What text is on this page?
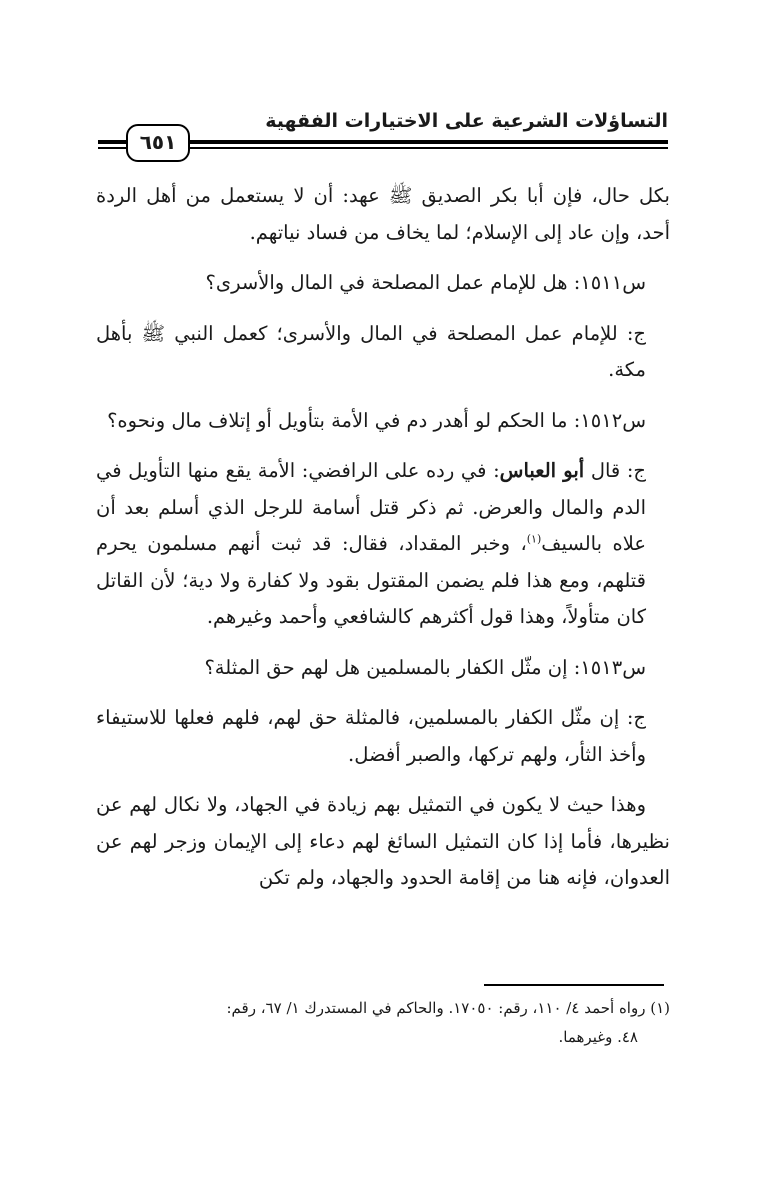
التساؤلات الشرعية على الاختيارات الفقهية
٦٥١

بكل حال، فإن أبا بكر الصديق ﷺ عهد: أن لا يستعمل من أهل الردة أحد، وإن عاد إلى الإسلام؛ لما يخاف من فساد نياتهم.

س١٥١١: هل للإمام عمل المصلحة في المال والأسرى؟

ج: للإمام عمل المصلحة في المال والأسرى؛ كعمل النبي ﷺ بأهل مكة.

س١٥١٢: ما الحكم لو أهدر دم في الأمة بتأويل أو إتلاف مال ونحوه؟

ج: قال أبو العباس: في رده على الرافضي: الأمة يقع منها التأويل في الدم والمال والعرض. ثم ذكر قتل أسامة للرجل الذي أسلم بعد أن علاه بالسيف$^{(١)}$، وخبر المقداد، فقال: قد ثبت أنهم مسلمون يحرم قتلهم، ومع هذا فلم يضمن المقتول بقود ولا كفارة ولا دية؛ لأن القاتل كان متأولاً، وهذا قول أكثرهم كالشافعي وأحمد وغيرهم.

س١٥١٣: إن مثّل الكفار بالمسلمين هل لهم حق المثلة؟

ج: إن مثّل الكفار بالمسلمين، فالمثلة حق لهم، فلهم فعلها للاستيفاء وأخذ الثأر، ولهم تركها، والصبر أفضل.

وهذا حيث لا يكون في التمثيل بهم زيادة في الجهاد، ولا نكال لهم عن نظيرها، فأما إذا كان التمثيل السائغ لهم دعاء إلى الإيمان وزجر لهم عن العدوان، فإنه هنا من إقامة الحدود والجهاد، ولم تكن

(١) رواه أحمد ٤/ ١١٠، رقم: ١٧٠٥٠. والحاكم في المستدرك ١/ ٦٧، رقم:
٤٨. وغيرهما.
